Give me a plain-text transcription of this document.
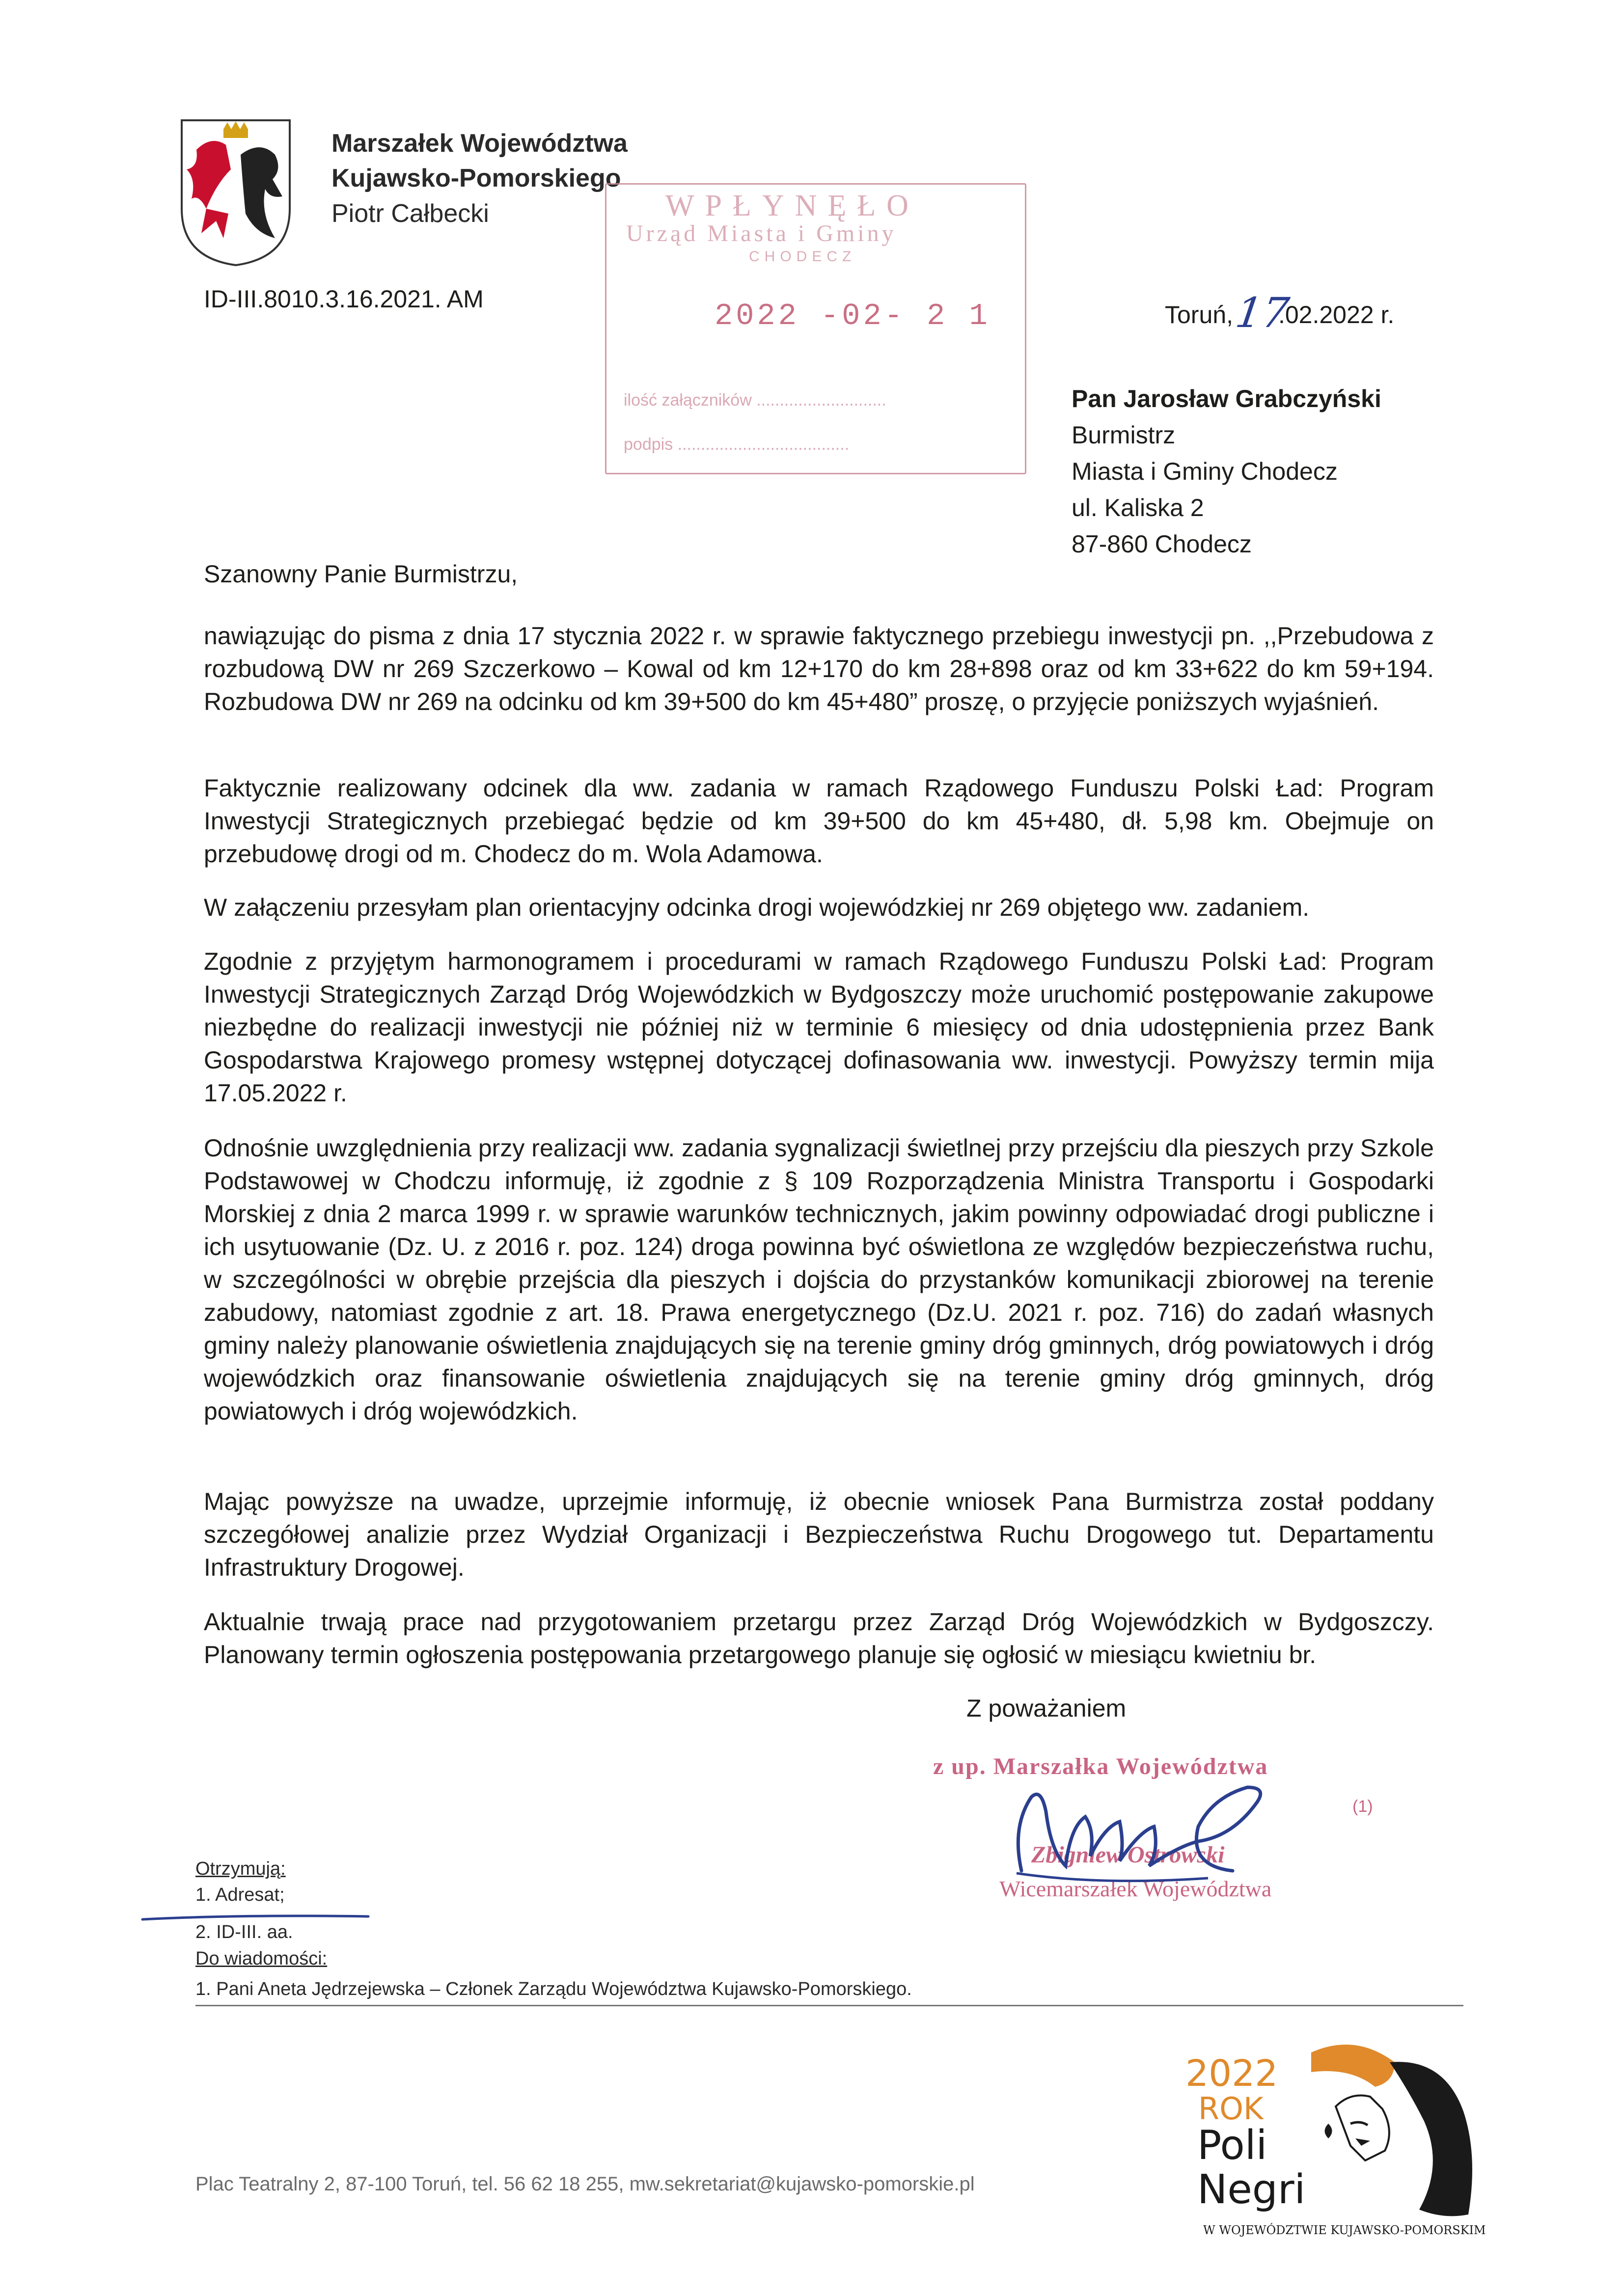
Marszałek Województwa
Kujawsko-Pomorskiego
Piotr Całbecki
ID-III.8010.3.16.2021. AM
Toruń,17.02.2022 r.
WPŁYNĘŁO
Urząd Miasta i Gminy
CHODECZ
2022 -02- 2 1
ilość załączników ............................
podpis .....................................
Pan Jarosław Grabczyński
Burmistrz
Miasta i Gminy Chodecz
ul. Kaliska 2
87-860 Chodecz
Szanowny Panie Burmistrzu,
nawiązując do pisma z dnia 17 stycznia 2022 r. w sprawie faktycznego przebiegu inwestycji pn. ,,Przebudowa z rozbudową DW nr 269 Szczerkowo – Kowal od km 12+170 do km 28+898 oraz od km 33+622 do km 59+194. Rozbudowa DW nr 269 na odcinku od km 39+500 do km 45+480” proszę, o przyjęcie poniższych wyjaśnień.
Faktycznie realizowany odcinek dla ww. zadania w ramach Rządowego Funduszu Polski Ład: Program Inwestycji Strategicznych przebiegać będzie od km 39+500 do km 45+480, dł. 5,98 km. Obejmuje on przebudowę drogi od m. Chodecz do m. Wola Adamowa.
W załączeniu przesyłam plan orientacyjny odcinka drogi wojewódzkiej nr 269 objętego ww. zadaniem.
Zgodnie z przyjętym harmonogramem i procedurami w ramach Rządowego Funduszu Polski Ład: Program Inwestycji Strategicznych Zarząd Dróg Wojewódzkich w Bydgoszczy może uruchomić postępowanie zakupowe niezbędne do realizacji inwestycji nie później niż w terminie 6 miesięcy od dnia udostępnienia przez Bank Gospodarstwa Krajowego promesy wstępnej dotyczącej dofinasowania ww. inwestycji. Powyższy termin mija 17.05.2022 r.
Odnośnie uwzględnienia przy realizacji ww. zadania sygnalizacji świetlnej przy przejściu dla pieszych przy Szkole Podstawowej w Chodczu informuję, iż zgodnie z § 109 Rozporządzenia Ministra Transportu i Gospodarki Morskiej z dnia 2 marca 1999 r. w sprawie warunków technicznych, jakim powinny odpowiadać drogi publiczne i ich usytuowanie (Dz. U. z 2016 r. poz. 124) droga powinna być oświetlona ze względów bezpieczeństwa ruchu, w szczególności w obrębie przejścia dla pieszych i dojścia do przystanków komunikacji zbiorowej na terenie zabudowy, natomiast zgodnie z art. 18. Prawa energetycznego (Dz.U. 2021 r. poz. 716) do zadań własnych gminy należy planowanie oświetlenia znajdujących się na terenie gminy dróg gminnych, dróg powiatowych i dróg wojewódzkich oraz finansowanie oświetlenia znajdujących się na terenie gminy dróg gminnych, dróg powiatowych i dróg wojewódzkich.
Mając powyższe na uwadze, uprzejmie informuję, iż obecnie wniosek Pana Burmistrza został poddany szczegółowej analizie przez Wydział Organizacji i Bezpieczeństwa Ruchu Drogowego tut. Departamentu Infrastruktury Drogowej.
Aktualnie trwają prace nad przygotowaniem przetargu przez Zarząd Dróg Wojewódzkich w Bydgoszczy. Planowany termin ogłoszenia postępowania przetargowego planuje się ogłosić w miesiącu kwietniu br.
Z poważaniem
z up. Marszałka Województwa
(1)
Zbigniew Ostrowski
Wicemarszałek Województwa
Otrzymują:
1. Adresat;
2. ID-III. aa.
Do wiadomości:
1. Pani Aneta Jędrzejewska – Członek Zarządu Województwa Kujawsko-Pomorskiego.
Plac Teatralny 2, 87-100 Toruń, tel. 56 62 18 255, mw.sekretariat@kujawsko-pomorskie.pl
2022
ROK
Poli
Negri
W WOJEWÓDZTWIE KUJAWSKO-POMORSKIM
